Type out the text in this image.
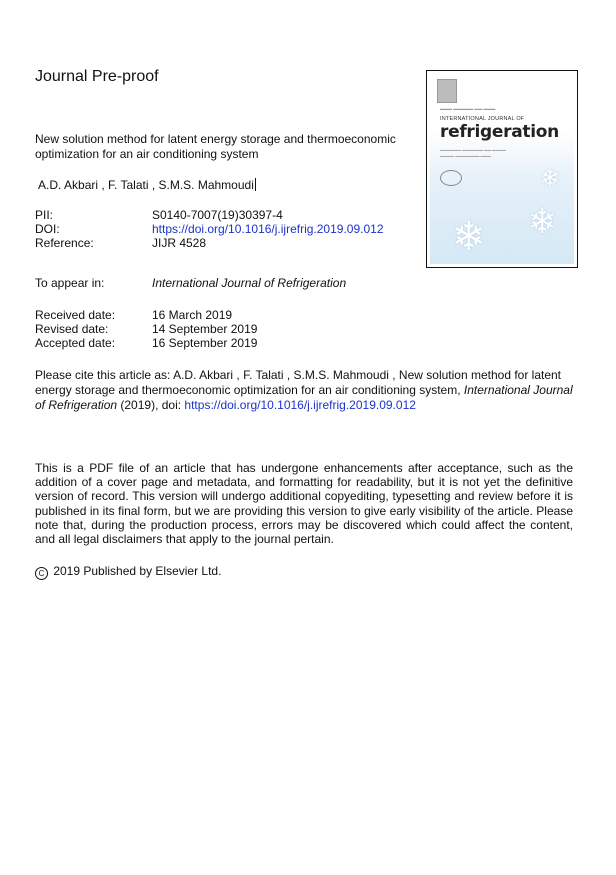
Journal Pre-proof
New solution method for latent energy storage and thermoeconomic
optimization for an air conditioning system
A.D. Akbari , F. Talati , S.M.S. Mahmoudi
PII:	S0140-7007(19)30397-4
DOI:	https://doi.org/10.1016/j.ijrefrig.2019.09.012
Reference:	JIJR 4528
To appear in:	International Journal of Refrigeration
Received date:	16 March 2019
Revised date:	14 September 2019
Accepted date:	16 September 2019
Please cite this article as: A.D. Akbari , F. Talati , S.M.S. Mahmoudi , New solution method for latent
energy storage and thermoeconomic optimization for an air conditioning system, International Journal
of Refrigeration (2019), doi: https://doi.org/10.1016/j.ijrefrig.2019.09.012
This is a PDF file of an article that has undergone enhancements after acceptance, such as the addition of a cover page and metadata, and formatting for readability, but it is not yet the definitive version of record. This version will undergo additional copyediting, typesetting and review before it is published in its final form, but we are providing this version to give early visibility of the article. Please note that, during the production process, errors may be discovered which could affect the content, and all legal disclaimers that apply to the journal pertain.
C 2019 Published by Elsevier Ltd.
▬▬▬ ▬▬▬▬▬ ▬▬ ▬▬▬
INTERNATIONAL JOURNAL OF
refrigeration
▬▬▬▬▬▬ ▬▬▬▬▬▬ ▬▬ ▬▬▬▬
▬▬▬▬ ▬▬▬▬▬▬▬ ▬▬▬
❄
❄
❄
